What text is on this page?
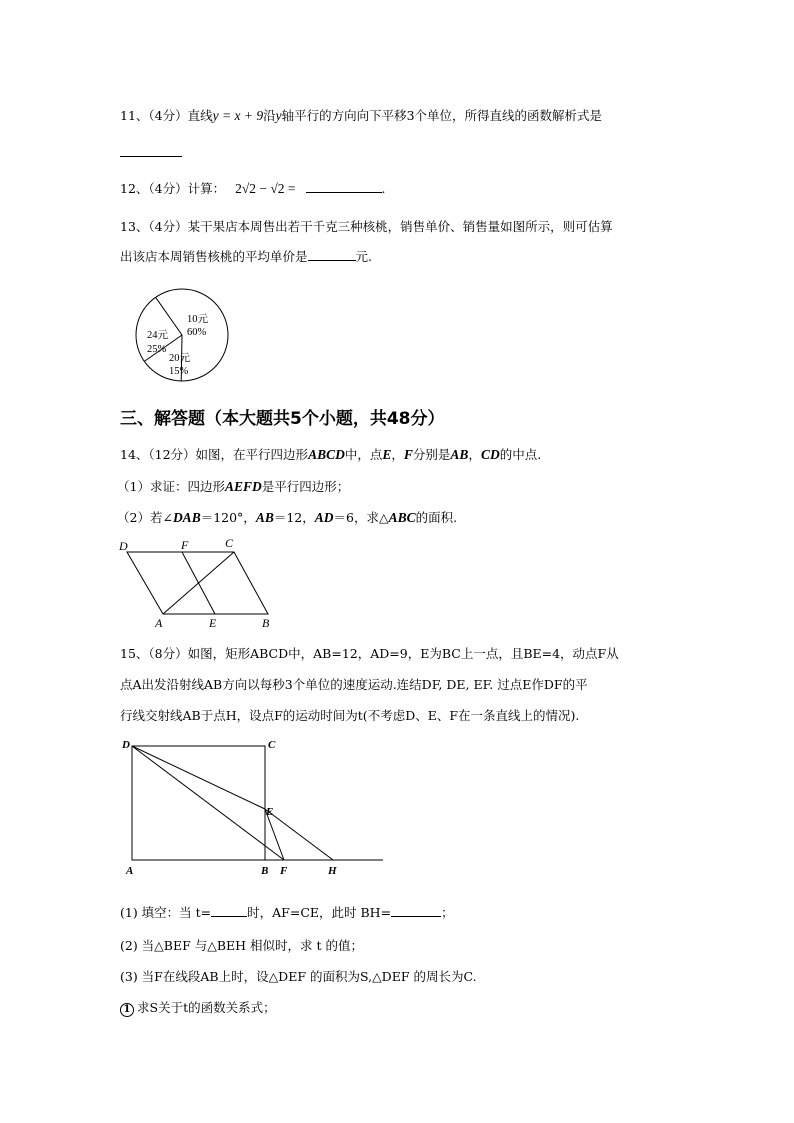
11、（4分）直线y = x + 9沿y轴平行的方向向下平移3个单位，所得直线的函数解析式是
12、（4分）计算： 2√2 − √2 =	.
13、（4分）某干果店本周售出若干千克三种核桃，销售单价、销售量如图所示，则可估算
出该店本周销售核桃的平均单价是	元.
10元
60%
24元
25%
20元
15%
三、解答题（本大题共5个小题，共48分）
14、（12分）如图，在平行四边形ABCD中，点E，F分别是AB，CD的中点.
（1）求证：四边形AEFD是平行四边形；
（2）若∠DAB＝120°，AB＝12，AD＝6，求△ABC的面积.
D	F	C
A	E	B
15、（8分）如图，矩形ABCD中，AB=12，AD=9，E为BC上一点，且BE=4，动点F从
点A出发沿射线AB方向以每秒3个单位的速度运动.连结DF, DE, EF. 过点E作DF的平
行线交射线AB于点H，设点F的运动时间为t(不考虑D、E、F在一条直线上的情况).
D	C
E
A	B F	H
(1) 填空：当 t=	时，AF=CE，此时 BH=	；
(2) 当△BEF 与△BEH 相似时，求 t 的值；
(3) 当F在线段AB上时，设△DEF 的面积为S,△DEF 的周长为C.
1 求S关于t的函数关系式；
